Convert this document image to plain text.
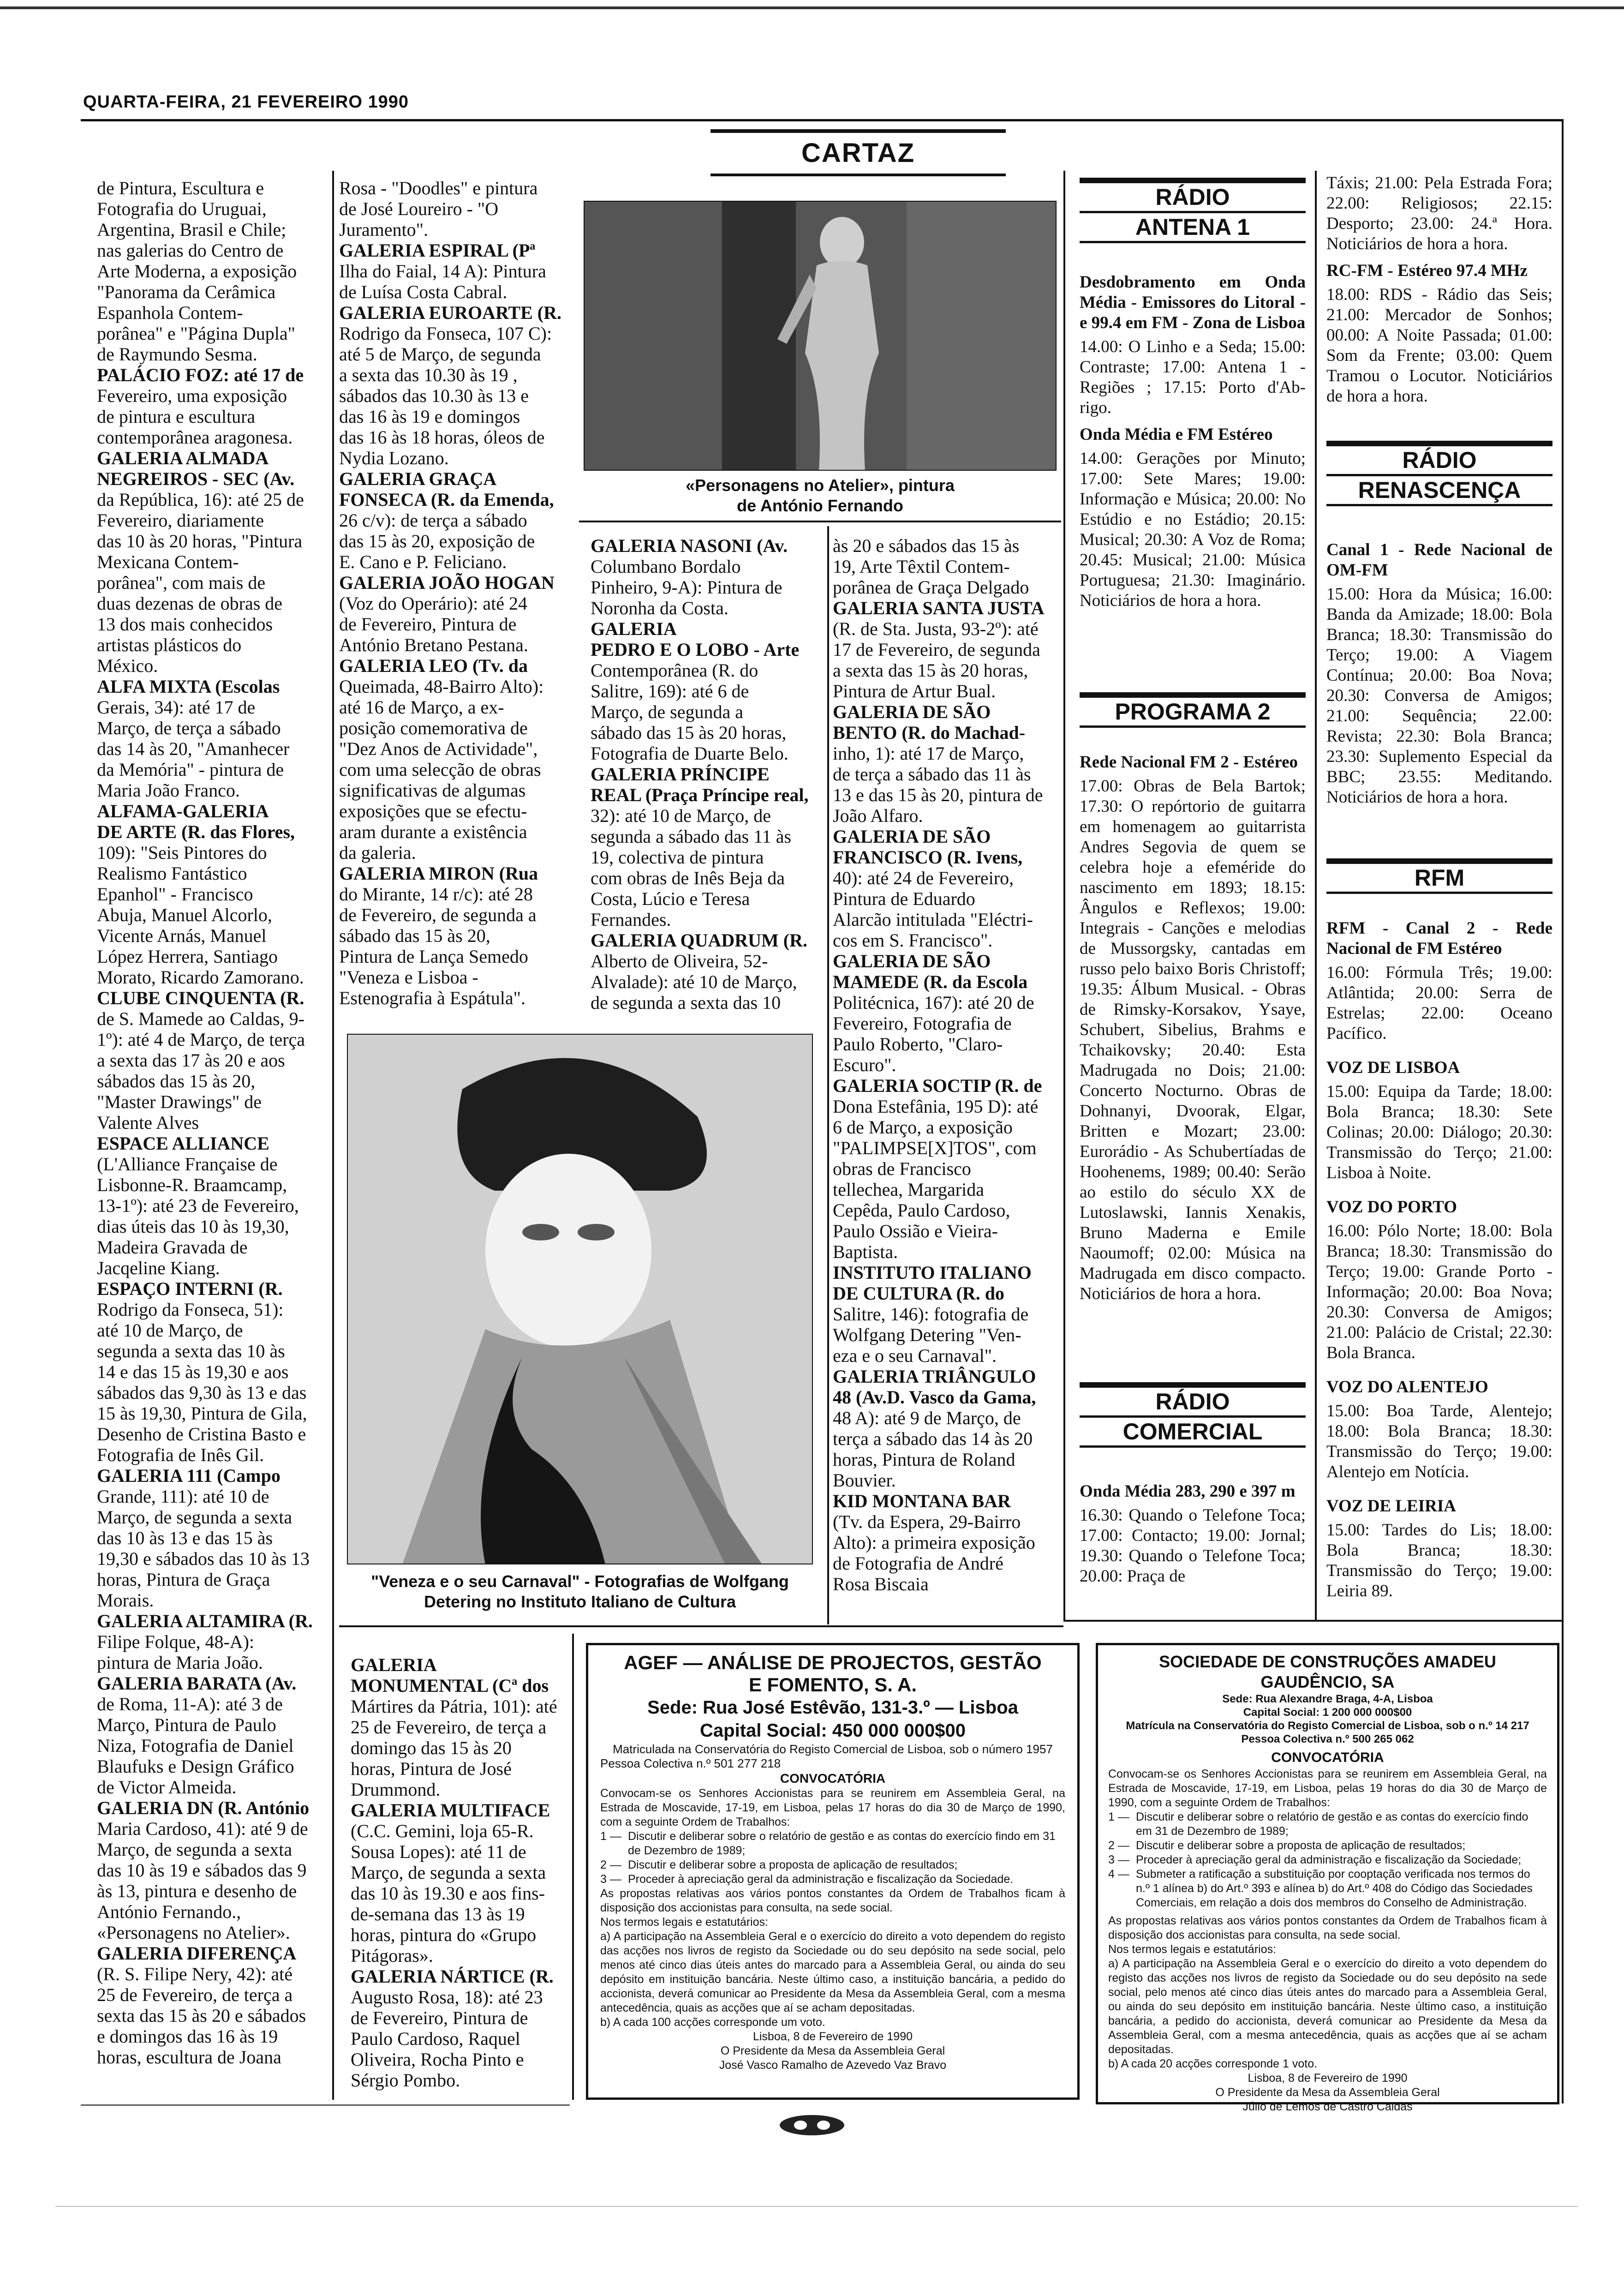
QUARTA-FEIRA, 21 FEVEREIRO 1990
CARTAZ

de Pintura, Escultura e

Fotografia do Uruguai,

Argentina, Brasil e Chile;

nas galerias do Centro de

Arte Moderna, a exposição

"Panorama da Cerâmica

Espanhola Contem-

porânea" e "Página Dupla"

de Raymundo Sesma.

PALÁCIO FOZ: até 17 de

Fevereiro, uma exposição

de pintura e escultura

contemporânea aragonesa.

GALERIA ALMADA

NEGREIROS - SEC (Av.

da República, 16): até 25 de

Fevereiro, diariamente

das 10 às 20 horas, "Pintura

Mexicana Contem-

porânea", com mais de

duas dezenas de obras de

13 dos mais conhecidos

artistas plásticos do

México.

ALFA MIXTA (Escolas

Gerais, 34): até 17 de

Março, de terça a sábado

das 14 às 20, "Amanhecer

da Memória" - pintura de

Maria João Franco.

ALFAMA-GALERIA

DE ARTE (R. das Flores,

109): "Seis Pintores do

Realismo Fantástico

Epanhol" - Francisco

Abuja, Manuel Alcorlo,

Vicente Arnás, Manuel

López Herrera, Santiago

Morato, Ricardo Zamorano.

CLUBE CINQUENTA (R.

de S. Mamede ao Caldas, 9-

1º): até 4 de Março, de terça

a sexta das 17 às 20 e aos

sábados das 15 às 20,

"Master Drawings" de

Valente Alves

ESPACE ALLIANCE

(L'Alliance Française de

Lisbonne-R. Braamcamp,

13-1º): até 23 de Fevereiro,

dias úteis das 10 às 19,30,

Madeira Gravada de

Jacqeline Kiang.

ESPAÇO INTERNI (R.

Rodrigo da Fonseca, 51):

até 10 de Março, de

segunda a sexta das 10 às

14 e das 15 às 19,30 e aos

sábados das 9,30 às 13 e das

15 às 19,30, Pintura de Gila,

Desenho de Cristina Basto e

Fotografia de Inês Gil.

GALERIA 111 (Campo

Grande, 111): até 10 de

Março, de segunda a sexta

das 10 às 13 e das 15 às

19,30 e sábados das 10 às 13

horas, Pintura de Graça

Morais.

GALERIA ALTAMIRA (R.

Filipe Folque, 48-A):

pintura de Maria João.

GALERIA BARATA (Av.

de Roma, 11-A): até 3 de

Março, Pintura de Paulo

Niza, Fotografia de Daniel

Blaufuks e Design Gráfico

de Victor Almeida.

GALERIA DN (R. António

Maria Cardoso, 41): até 9 de

Março, de segunda a sexta

das 10 às 19 e sábados das 9

às 13, pintura e desenho de

António Fernando.,

«Personagens no Atelier».

GALERIA DIFERENÇA

(R. S. Filipe Nery, 42): até

25 de Fevereiro, de terça a

sexta das 15 às 20 e sábados

e domingos das 16 às 19

horas, escultura de Joana

Rosa - "Doodles" e pintura

de José Loureiro - "O

Juramento".

GALERIA ESPIRAL (Pª

Ilha do Faial, 14 A): Pintura

de Luísa Costa Cabral.

GALERIA EUROARTE (R.

Rodrigo da Fonseca, 107 C):

até 5 de Março, de segunda

a sexta das 10.30 às 19 ,

sábados das 10.30 às 13 e

das 16 às 19 e domingos

das 16 às 18 horas, óleos de

Nydia Lozano.

GALERIA GRAÇA

FONSECA (R. da Emenda,

26 c/v): de terça a sábado

das 15 às 20, exposição de

E. Cano e P. Feliciano.

GALERIA JOÃO HOGAN

(Voz do Operário): até 24

de Fevereiro, Pintura de

António Bretano Pestana.

GALERIA LEO (Tv. da

Queimada, 48-Bairro Alto):

até 16 de Março, a ex-

posição comemorativa de

"Dez Anos de Actividade",

com uma selecção de obras

significativas de algumas

exposições que se efectu-

aram durante a existência

da galeria.

GALERIA MIRON (Rua

do Mirante, 14 r/c): até 28

de Fevereiro, de segunda a

sábado das 15 às 20,

Pintura de Lança Semedo

"Veneza e Lisboa -

Estenografia à Espátula".

«Personagens no Atelier», pintura
de António Fernando

GALERIA NASONI (Av.

Columbano Bordalo

Pinheiro, 9-A): Pintura de

Noronha da Costa.

GALERIA

PEDRO E O LOBO - Arte

Contemporânea (R. do

Salitre, 169): até 6 de

Março, de segunda a

sábado das 15 às 20 horas,

Fotografia de Duarte Belo.

GALERIA PRÍNCIPE

REAL (Praça Príncipe real,

32): até 10 de Março, de

segunda a sábado das 11 às

19, colectiva de pintura

com obras de Inês Beja da

Costa, Lúcio e Teresa

Fernandes.

GALERIA QUADRUM (R.

Alberto de Oliveira, 52-

Alvalade): até 10 de Março,

de segunda a sexta das 10

às 20 e sábados das 15 às

19, Arte Têxtil Contem-

porânea de Graça Delgado

GALERIA SANTA JUSTA

(R. de Sta. Justa, 93-2º): até

17 de Fevereiro, de segunda

a sexta das 15 às 20 horas,

Pintura de Artur Bual.

GALERIA DE SÃO

BENTO (R. do Machad-

inho, 1): até 17 de Março,

de terça a sábado das 11 às

13 e das 15 às 20, pintura de

João Alfaro.

GALERIA DE SÃO

FRANCISCO (R. Ivens,

40): até 24 de Fevereiro,

Pintura de Eduardo

Alarcão intitulada "Eléctri-

cos em S. Francisco".

GALERIA DE SÃO

MAMEDE (R. da Escola

Politécnica, 167): até 20 de

Fevereiro, Fotografia de

Paulo Roberto, "Claro-

Escuro".

GALERIA SOCTIP (R. de

Dona Estefânia, 195 D): até

6 de Março, a exposição

"PALIMPSE[X]TOS", com

obras de Francisco

tellechea, Margarida

Cepêda, Paulo Cardoso,

Paulo Ossião e Vieira-

Baptista.

INSTITUTO ITALIANO

DE CULTURA (R. do

Salitre, 146): fotografia de

Wolfgang Detering "Ven-

eza e o seu Carnaval".

GALERIA TRIÂNGULO

48 (Av.D. Vasco da Gama,

48 A): até 9 de Março, de

terça a sábado das 14 às 20

horas, Pintura de Roland

Bouvier.

KID MONTANA BAR

(Tv. da Espera, 29-Bairro

Alto): a primeira exposição

de Fotografia de André

Rosa Biscaia

"Veneza e o seu Carnaval" - Fotografias de Wolfgang
Detering no Instituto Italiano de Cultura

GALERIA

MONUMENTAL (Cª dos

Mártires da Pátria, 101): até

25 de Fevereiro, de terça a

domingo das 15 às 20

horas, Pintura de José

Drummond.

GALERIA MULTIFACE

(C.C. Gemini, loja 65-R.

Sousa Lopes): até 11 de

Março, de segunda a sexta

das 10 às 19.30 e aos fins-

de-semana das 13 às 19

horas, pintura do «Grupo

Pitágoras».

GALERIA NÁRTICE (R.

Augusto Rosa, 18): até 23

de Fevereiro, Pintura de

Paulo Cardoso, Raquel

Oliveira, Rocha Pinto e

Sérgio Pombo.

RÁDIO
ANTENA 1

Desdobramento em Onda Média - Emissores do Litoral - e 99.4 em FM - Zona de Lisboa

14.00: O Linho e a Seda; 15.00: Contraste; 17.00: Antena 1 - Regiões ; 17.15: Porto d'Ab-rigo.

Onda Média e FM Estéreo

14.00: Gerações por Minuto; 17.00: Sete Mares; 19.00: Informação e Música; 20.00: No Estúdio e no Estádio; 20.15: Musical; 20.30: A Voz de Roma; 20.45: Musical; 21.00: Música Portuguesa; 21.30: Imaginário. Noticiários de hora a hora.

PROGRAMA 2

Rede Nacional FM 2 - Estéreo

17.00: Obras de Bela Bartok; 17.30: O repórtorio de guitarra em homenagem ao guitarrista Andres Segovia de quem se celebra hoje a efeméride do nascimento em 1893; 18.15: Ângulos e Reflexos; 19.00: Integrais - Canções e melodias de Mussorgsky, cantadas em russo pelo baixo Boris Christoff; 19.35: Álbum Musical. - Obras de Rimsky-Korsakov, Ysaye, Schubert, Sibelius, Brahms e Tchaikovsky; 20.40: Esta Madrugada no Dois; 21.00: Concerto Nocturno. Obras de Dohnanyi, Dvoorak, Elgar, Britten e Mozart; 23.00: Eurorádio - As Schubertíadas de Hoohenems, 1989; 00.40: Serão ao estilo do século XX de Lutoslawski, Iannis Xenakis, Bruno Maderna e Emile Naoumoff; 02.00: Música na Madrugada em disco compacto. Noticiários de hora a hora.

RÁDIO
COMERCIAL

Onda Média 283, 290 e 397 m

16.30: Quando o Telefone Toca; 17.00: Contacto; 19.00: Jornal; 19.30: Quando o Telefone Toca; 20.00: Praça de

Táxis; 21.00: Pela Estrada Fora; 22.00: Religiosos; 22.15: Desporto; 23.00: 24.ª Hora. Noticiários de hora a hora.

RC-FM - Estéreo 97.4 MHz

18.00: RDS - Rádio das Seis; 21.00: Mercador de Sonhos; 00.00: A Noite Passada; 01.00: Som da Frente; 03.00: Quem Tramou o Locutor. Noticiários de hora a hora.

RÁDIO
RENASCENÇA

Canal 1 - Rede Nacional de OM-FM

15.00: Hora da Música; 16.00: Banda da Amizade; 18.00: Bola Branca; 18.30: Transmissão do Terço; 19.00: A Viagem Contínua; 20.00: Boa Nova; 20.30: Conversa de Amigos; 21.00: Sequência; 22.00: Revista; 22.30: Bola Branca; 23.30: Suplemento Especial da BBC; 23.55: Meditando. Noticiários de hora a hora.

RFM

RFM - Canal 2 - Rede Nacional de FM Estéreo

16.00: Fórmula Três; 19.00: Atlântida; 20.00: Serra de Estrelas; 22.00: Oceano Pacífico.

VOZ DE LISBOA

15.00: Equipa da Tarde; 18.00: Bola Branca; 18.30: Sete Colinas; 20.00: Diálogo; 20.30: Transmissão do Terço; 21.00: Lisboa à Noite.

VOZ DO PORTO

16.00: Pólo Norte; 18.00: Bola Branca; 18.30: Transmissão do Terço; 19.00: Grande Porto - Informação; 20.00: Boa Nova; 20.30: Conversa de Amigos; 21.00: Palácio de Cristal; 22.30: Bola Branca.

VOZ DO ALENTEJO

15.00: Boa Tarde, Alentejo; 18.00: Bola Branca; 18.30: Transmissão do Terço; 19.00: Alentejo em Notícia.

VOZ DE LEIRIA

15.00: Tardes do Lis; 18.00: Bola Branca; 18.30: Transmissão do Terço; 19.00: Leiria 89.

AGEF — ANÁLISE DE PROJECTOS, GESTÃO
E FOMENTO, S. A.
Sede: Rua José Estêvão, 131-3.º — Lisboa
Capital Social: 450 000 000$00
Matriculada na Conservatória do Registo Comercial de Lisboa, sob o número 1957
Pessoa Colectiva n.º 501 277 218
CONVOCATÓRIA
Convocam-se os Senhores Accionistas para se reunirem em Assembleia Geral, na Estrada de Moscavide, 17-19, em Lisboa, pelas 17 horas do dia 30 de Março de 1990, com a seguinte Ordem de Trabalhos:
1 — Discutir e deliberar sobre o relatório de gestão e as contas do exercício findo em 31 de Dezembro de 1989;
2 — Discutir e deliberar sobre a proposta de aplicação de resultados;
3 — Proceder à apreciação geral da administração e fiscalização da Sociedade.
As propostas relativas aos vários pontos constantes da Ordem de Trabalhos ficam à disposição dos accionistas para consulta, na sede social.
Nos termos legais e estatutários:
a) A participação na Assembleia Geral e o exercício do direito a voto dependem do registo das acções nos livros de registo da Sociedade ou do seu depósito na sede social, pelo menos até cinco dias úteis antes do marcado para a Assembleia Geral, ou ainda do seu depósito em instituição bancária. Neste último caso, a instituição bancária, a pedido do accionista, deverá comunicar ao Presidente da Mesa da Assembleia Geral, com a mesma antecedência, quais as acções que aí se acham depositadas.
b) A cada 100 acções corresponde um voto.
Lisboa, 8 de Fevereiro de 1990
O Presidente da Mesa da Assembleia Geral
José Vasco Ramalho de Azevedo Vaz Bravo
SOCIEDADE DE CONSTRUÇÕES AMADEU GAUDÊNCIO, SA
Sede: Rua Alexandre Braga, 4-A, Lisboa
Capital Social: 1 200 000 000$00
Matrícula na Conservatória do Registo Comercial de Lisboa, sob o n.º 14 217
Pessoa Colectiva n.º 500 265 062
CONVOCATÓRIA
Convocam-se os Senhores Accionistas para se reunirem em Assembleia Geral, na Estrada de Moscavide, 17-19, em Lisboa, pelas 19 horas do dia 30 de Março de 1990, com a seguinte Ordem de Trabalhos:
1 — Discutir e deliberar sobre o relatório de gestão e as contas do exercício findo em 31 de Dezembro de 1989;
2 — Discutir e deliberar sobre a proposta de aplicação de resultados;
3 — Proceder à apreciação geral da administração e fiscalização da Sociedade;
4 — Submeter a ratificação a substituição por cooptação verificada nos termos do n.º 1 alínea b) do Art.º 393 e alínea b) do Art.º 408 do Código das Sociedades Comerciais, em relação a dois dos membros do Conselho de Administração.
As propostas relativas aos vários pontos constantes da Ordem de Trabalhos ficam à disposição dos accionistas para consulta, na sede social.
Nos termos legais e estatutários:
a) A participação na Assembleia Geral e o exercício do direito a voto dependem do registo das acções nos livros de registo da Sociedade ou do seu depósito na sede social, pelo menos até cinco dias úteis antes do marcado para a Assembleia Geral, ou ainda do seu depósito em instituição bancária. Neste último caso, a instituição bancária, a pedido do accionista, deverá comunicar ao Presidente da Mesa da Assembleia Geral, com a mesma antecedência, quais as acções que aí se acham depositadas.
b) A cada 20 acções corresponde 1 voto.
Lisboa, 8 de Fevereiro de 1990
O Presidente da Mesa da Assembleia Geral
Júlio de Lemos de Castro Caldas
